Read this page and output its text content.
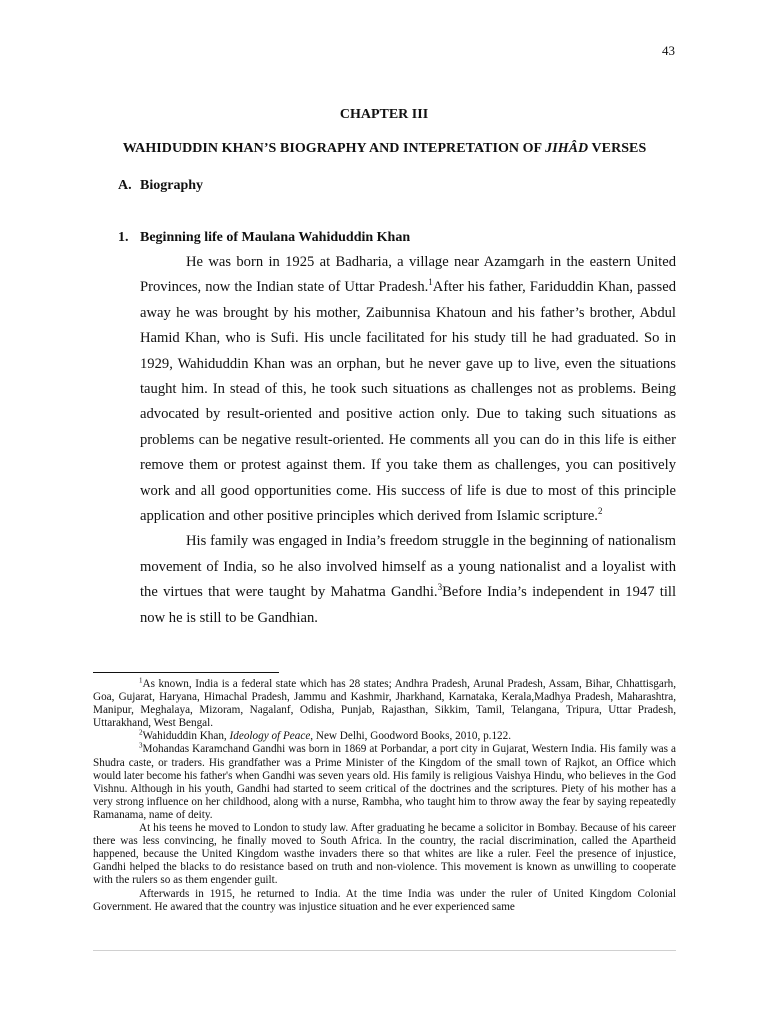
43
CHAPTER III
WAHIDUDDIN KHAN’S BIOGRAPHY AND INTEPRETATION OF JIHÂD VERSES
A. Biography
1. Beginning life of Maulana Wahiduddin Khan

He was born in 1925 at Badharia, a village near Azamgarh in the eastern United Provinces, now the Indian state of Uttar Pradesh.$^1$After his father, Fariduddin Khan, passed away he was brought by his mother, Zaibunnisa Khatoun and his father’s brother, Abdul Hamid Khan, who is Sufi. His uncle facilitated for his study till he had graduated. So in 1929, Wahiduddin Khan was an orphan, but he never gave up to live, even the situations taught him. In stead of this, he took such situations as challenges not as problems. Being advocated by result-oriented and positive action only. Due to taking such situations as problems can be negative result-oriented. He comments all you can do in this life is either remove them or protest against them. If you take them as challenges, you can positively work and all good opportunities come. His success of life is due to most of this principle application and other positive principles which derived from Islamic scripture.$^2$

His family was engaged in India’s freedom struggle in the beginning of nationalism movement of India, so he also involved himself as a young nationalist and a loyalist with the virtues that were taught by Mahatma Gandhi.$^3$Before India’s independent in 1947 till now he is still to be Gandhian.

$^1$As known, India is a federal state which has 28 states; Andhra Pradesh, Arunal Pradesh, Assam, Bihar, Chhattisgarh, Goa, Gujarat, Haryana, Himachal Pradesh, Jammu and Kashmir, Jharkhand, Karnataka, Kerala,Madhya Pradesh, Maharashtra, Manipur, Meghalaya, Mizoram, Nagalanf, Odisha, Punjab, Rajasthan, Sikkim, Tamil, Telangana, Tripura, Uttar Pradesh, Uttarakhand, West Bengal.

$^2$Wahiduddin Khan, Ideology of Peace, New Delhi, Goodword Books, 2010, p.122.

$^3$Mohandas Karamchand Gandhi was born in 1869 at Porbandar, a port city in Gujarat, Western India. His family was a Shudra caste, or traders. His grandfather was a Prime Minister of the Kingdom of the small town of Rajkot, an Office which would later become his father's when Gandhi was seven years old. His family is religious Vaishya Hindu, who believes in the God Vishnu. Although in his youth, Gandhi had started to seem critical of the doctrines and the scriptures. Piety of his mother has a very strong influence on her childhood, along with a nurse, Rambha, who taught him to throw away the fear by saying repeatedly Ramanama, name of deity.

At his teens he moved to London to study law. After graduating he became a solicitor in Bombay. Because of his career there was less convincing, he finally moved to South Africa. In the country, the racial discrimination, called the Apartheid happened, because the United Kingdom wasthe invaders there so that whites are like a ruler. Feel the presence of injustice, Gandhi helped the blacks to do resistance based on truth and non-violence. This movement is known as unwilling to cooperate with the rulers so as them engender guilt.

Afterwards in 1915, he returned to India. At the time India was under the ruler of United Kingdom Colonial Government. He awared that the country was injustice situation and he ever experienced same
